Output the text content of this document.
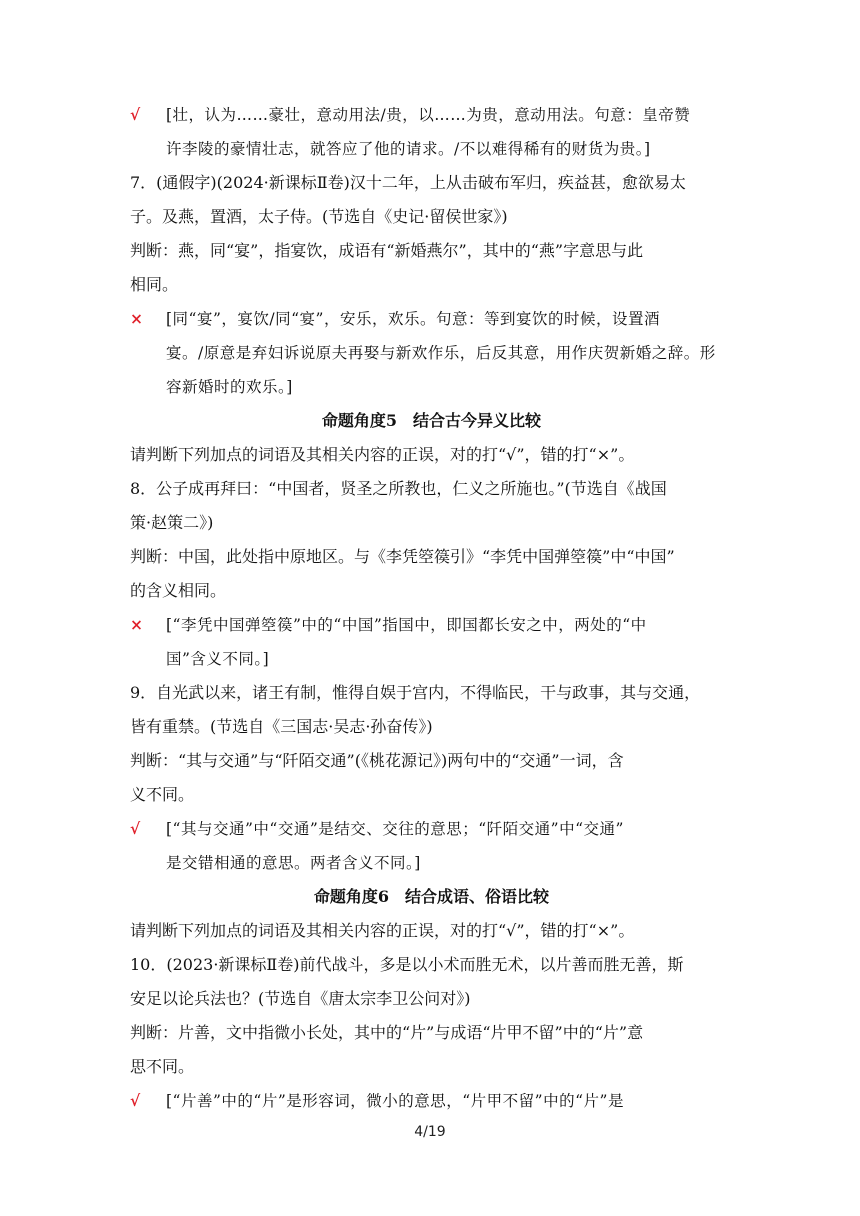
√ [壮，认为……豪壮，意动用法/贵，以……为贵，意动用法。句意：皇帝赞
许李陵的豪情壮志，就答应了他的请求。/不以难得稀有的财货为贵。]
7．(通假字)(2024·新课标Ⅱ卷)汉十二年，上从击破布军归，疾益甚，愈欲易太
子。及燕，置酒，太子侍。(节选自《史记·留侯世家》)
判断：燕，同“宴”，指宴饮，成语有“新婚燕尔”，其中的“燕”字意思与此
相同。
× [同“宴”，宴饮/同“宴”，安乐，欢乐。句意：等到宴饮的时候，设置酒
宴。/原意是弃妇诉说原夫再娶与新欢作乐，后反其意，用作庆贺新婚之辞。形
容新婚时的欢乐。]
命题角度5　结合古今异义比较
请判断下列加点的词语及其相关内容的正误，对的打“√”，错的打“×”。
8．公子成再拜曰：“中国者，贤圣之所教也，仁义之所施也。”(节选自《战国
策·赵策二》)
判断：中国，此处指中原地区。与《李凭箜篌引》“李凭中国弹箜篌”中“中国”
的含义相同。
× [“李凭中国弹箜篌”中的“中国”指国中，即国都长安之中，两处的“中
国”含义不同。]
9．自光武以来，诸王有制，惟得自娱于宫内，不得临民，干与政事，其与交通，
皆有重禁。(节选自《三国志·吴志·孙奋传》)
判断：“其与交通”与“阡陌交通”(《桃花源记》)两句中的“交通”一词，含
义不同。
√ [“其与交通”中“交通”是结交、交往的意思；“阡陌交通”中“交通”
是交错相通的意思。两者含义不同。]
命题角度6　结合成语、俗语比较
请判断下列加点的词语及其相关内容的正误，对的打“√”，错的打“×”。
10．(2023·新课标Ⅱ卷)前代战斗，多是以小术而胜无术，以片善而胜无善，斯
安足以论兵法也？(节选自《唐太宗李卫公问对》)
判断：片善，文中指微小长处，其中的“片”与成语“片甲不留”中的“片”意
思不同。
√ [“片善”中的“片”是形容词，微小的意思，“片甲不留”中的“片”是
4/19
